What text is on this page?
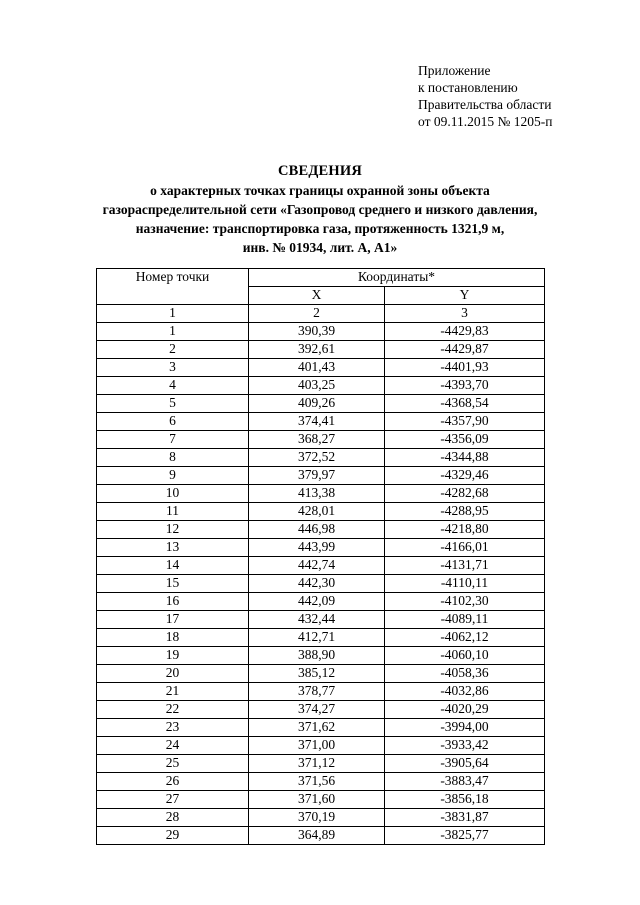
Приложение
к постановлению
Правительства области
от 09.11.2015 № 1205-п
СВЕДЕНИЯ
о характерных точках границы охранной зоны объекта
газораспределительной сети «Газопровод среднего и низкого давления,
назначение: транспортировка газа, протяженность 1321,9 м,
инв. № 01934, лит. А, А1»
Номер точки	Координаты*	
	X	Y
1	2	3
1	390,39	-4429,83
2	392,61	-4429,87
3	401,43	-4401,93
4	403,25	-4393,70
5	409,26	-4368,54
6	374,41	-4357,90
7	368,27	-4356,09
8	372,52	-4344,88
9	379,97	-4329,46
10	413,38	-4282,68
11	428,01	-4288,95
12	446,98	-4218,80
13	443,99	-4166,01
14	442,74	-4131,71
15	442,30	-4110,11
16	442,09	-4102,30
17	432,44	-4089,11
18	412,71	-4062,12
19	388,90	-4060,10
20	385,12	-4058,36
21	378,77	-4032,86
22	374,27	-4020,29
23	371,62	-3994,00
24	371,00	-3933,42
25	371,12	-3905,64
26	371,56	-3883,47
27	371,60	-3856,18
28	370,19	-3831,87
29	364,89	-3825,77
